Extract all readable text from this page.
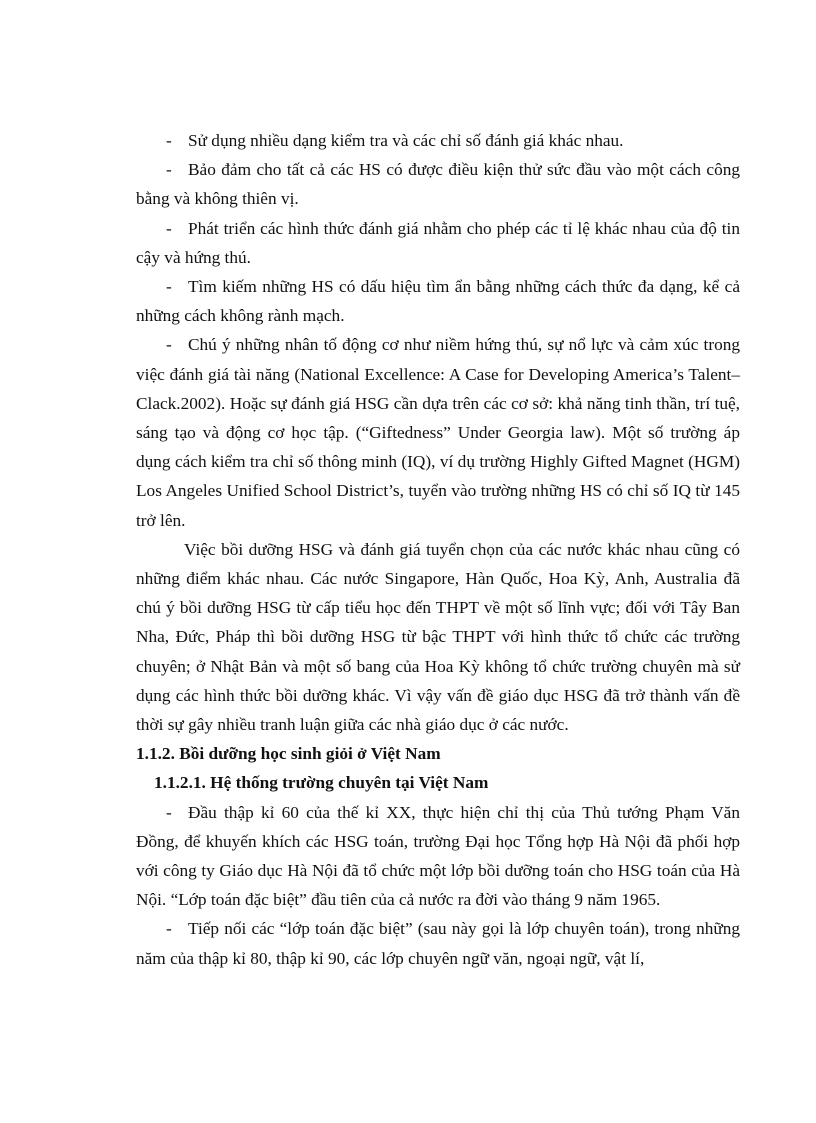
- Sử dụng nhiều dạng kiểm tra và các chỉ số đánh giá khác nhau.

- Bảo đảm cho tất cả các HS có được điều kiện thử sức đầu vào một cách công bằng và không thiên vị.

- Phát triển các hình thức đánh giá nhằm cho phép các tỉ lệ khác nhau của độ tin cậy và hứng thú.

- Tìm kiếm những HS có dấu hiệu tìm ẩn bằng những cách thức đa dạng, kể cả những cách không rành mạch.

- Chú ý những nhân tố động cơ như niềm hứng thú, sự nổ lực và cảm xúc trong việc đánh giá tài năng (National Excellence: A Case for Developing America’s Talent–Clack.2002). Hoặc sự đánh giá HSG cần dựa trên các cơ sở: khả năng tinh thần, trí tuệ, sáng tạo và động cơ học tập. (“Giftedness” Under Georgia law). Một số trường áp dụng cách kiểm tra chỉ số thông minh (IQ), ví dụ trường Highly Gifted Magnet (HGM) Los Angeles Unified School District’s, tuyển vào trường những HS có chỉ số IQ từ 145 trở lên.

Việc bồi dưỡng HSG và đánh giá tuyển chọn của các nước khác nhau cũng có những điểm khác nhau. Các nước Singapore, Hàn Quốc, Hoa Kỳ, Anh, Australia đã chú ý bồi dưỡng HSG từ cấp tiểu học đến THPT về một số lĩnh vực; đối với Tây Ban Nha, Đức, Pháp thì bồi dưỡng HSG từ bậc THPT với hình thức tổ chức các trường chuyên; ở Nhật Bản và một số bang của Hoa Kỳ không tổ chức trường chuyên mà sử dụng các hình thức bồi dưỡng khác. Vì vậy vấn đề giáo dục HSG đã trở thành vấn đề thời sự gây nhiều tranh luận giữa các nhà giáo dục ở các nước.

1.1.2. Bồi dưỡng học sinh giỏi ở Việt Nam

1.1.2.1. Hệ thống trường chuyên tại Việt Nam

- Đầu thập kỉ 60 của thế kỉ XX, thực hiện chỉ thị của Thủ tướng Phạm Văn Đồng, để khuyến khích các HSG toán, trường Đại học Tổng hợp Hà Nội đã phối hợp với công ty Giáo dục Hà Nội đã tổ chức một lớp bồi dưỡng toán cho HSG toán của Hà Nội. “Lớp toán đặc biệt” đầu tiên của cả nước ra đời vào tháng 9 năm 1965.

- Tiếp nối các “lớp toán đặc biệt” (sau này gọi là lớp chuyên toán), trong những năm của thập kỉ 80, thập kỉ 90, các lớp chuyên ngữ văn, ngoại ngữ, vật lí,
